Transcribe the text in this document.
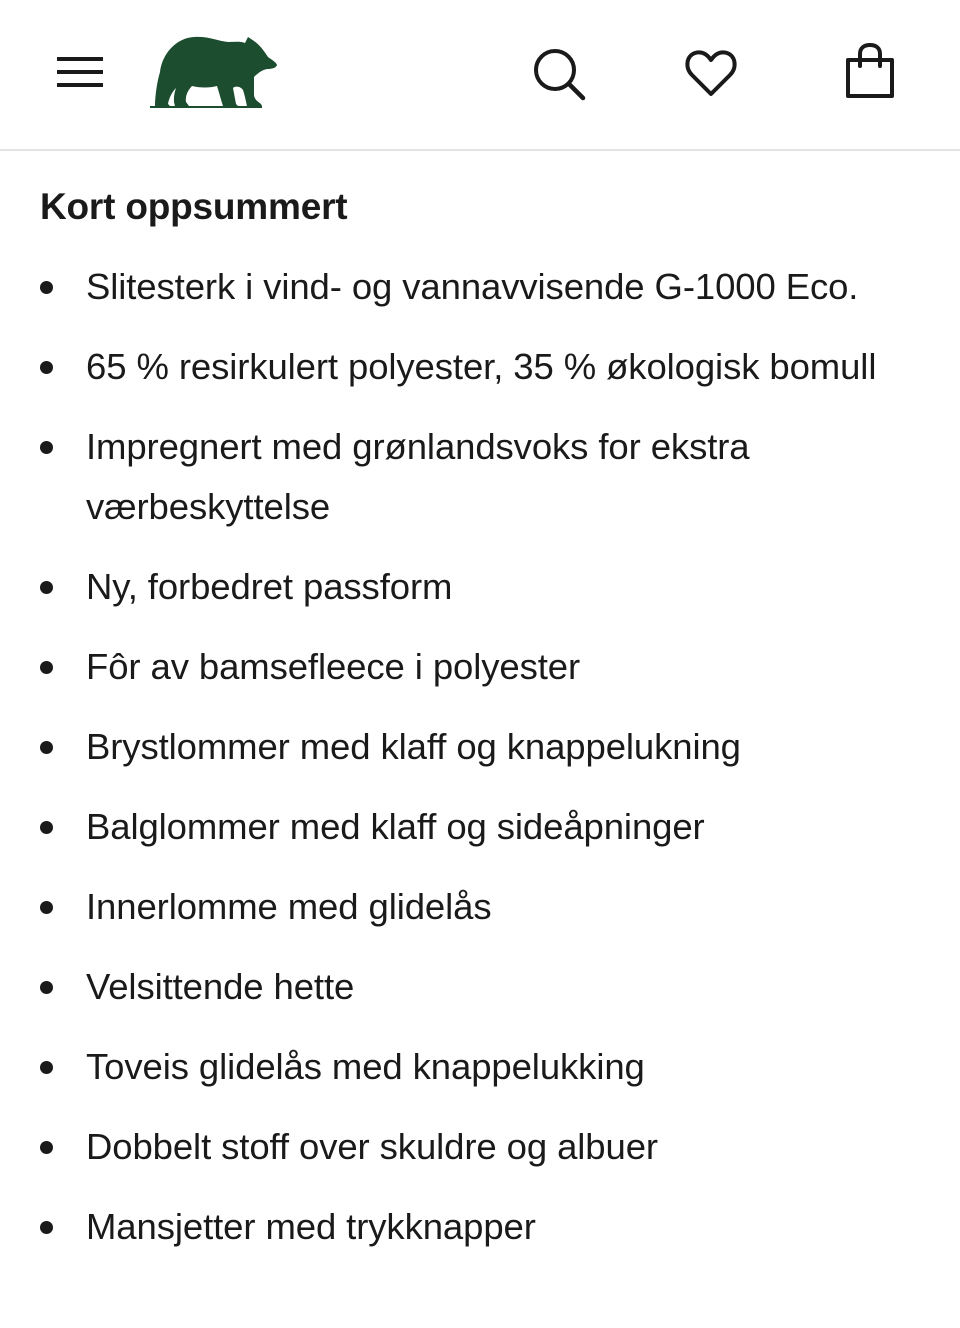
Kort oppsummert
Slitesterk i vind- og vannavvisende G-1000 Eco.
65 % resirkulert polyester, 35 % økologisk bomull
Impregnert med grønlandsvoks for ekstra værbeskyttelse
Ny, forbedret passform
Fôr av bamsefleece i polyester
Brystlommer med klaff og knappelukning
Balglommer med klaff og sideåpninger
Innerlomme med glidelås
Velsittende hette
Toveis glidelås med knappelukking
Dobbelt stoff over skuldre og albuer
Mansjetter med trykknapper
